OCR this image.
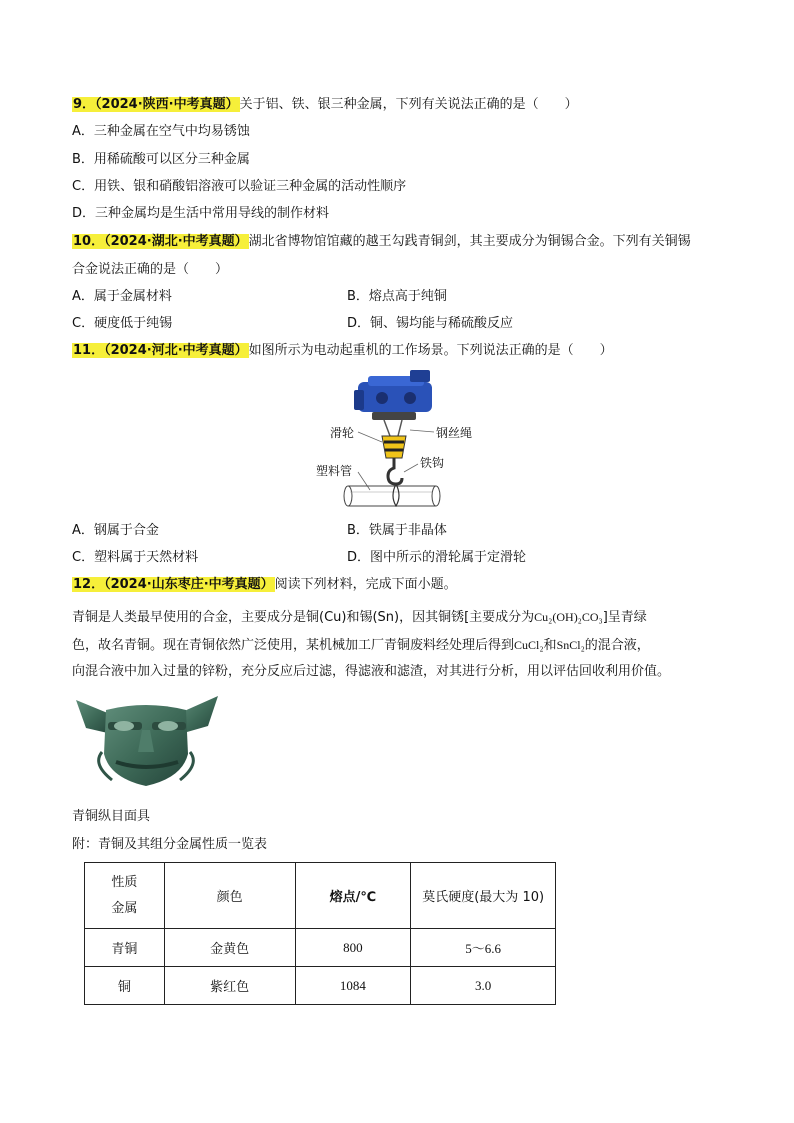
9．（2024·陕西·中考真题）关于铝、铁、银三种金属，下列有关说法正确的是（　　）
A．三种金属在空气中均易锈蚀
B．用稀硫酸可以区分三种金属
C．用铁、银和硝酸铝溶液可以验证三种金属的活动性顺序
D．三种金属均是生活中常用导线的制作材料
10．（2024·湖北·中考真题）湖北省博物馆馆藏的越王勾践青铜剑，其主要成分为铜锡合金。下列有关铜锡
合金说法正确的是（　　）
A．属于金属材料	B．熔点高于纯铜
C．硬度低于纯锡	D．铜、锡均能与稀硫酸反应
11．（2024·河北·中考真题）如图所示为电动起重机的工作场景。下列说法正确的是（　　）
滑轮	钢丝绳
铁钩
塑料管
A．钢属于合金	B．铁属于非晶体
C．塑料属于天然材料	D．图中所示的滑轮属于定滑轮
12．（2024·山东枣庄·中考真题）阅读下列材料，完成下面小题。
青铜是人类最早使用的合金，主要成分是铜(Cu)和锡(Sn)，因其铜锈[主要成分为Cu₂(OH)₂CO₃]呈青绿
色，故名青铜。现在青铜依然广泛使用，某机械加工厂青铜废料经处理后得到CuCl₂和SnCl₂的混合液，
向混合液中加入过量的锌粉，充分反应后过滤，得滤液和滤渣，对其进行分析，用以评估回收利用价值。
青铜纵目面具
附：青铜及其组分金属性质一览表
性质
金属	颜色	熔点/℃	莫氏硬度(最大为 10)
青铜	金黄色	800	5～6.6
铜	紫红色	1084	3.0
